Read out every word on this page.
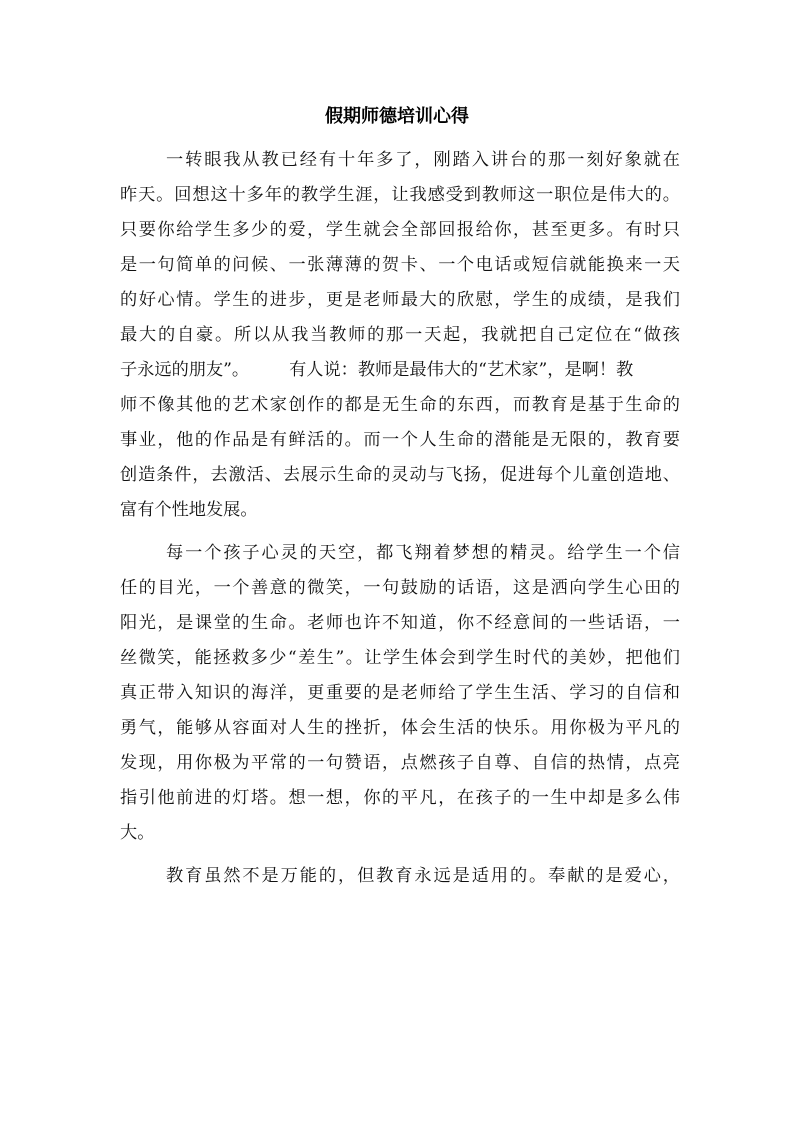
假期师德培训心得
一转眼我从教已经有十年多了，刚踏入讲台的那一刻好象就在
昨天。回想这十多年的教学生涯，让我感受到教师这一职位是伟大的。
只要你给学生多少的爱，学生就会全部回报给你，甚至更多。有时只
是一句简单的问候、一张薄薄的贺卡、一个电话或短信就能换来一天
的好心情。学生的进步，更是老师最大的欣慰，学生的成绩，是我们
最大的自豪。所以从我当教师的那一天起，我就把自己定位在“做孩
子永远的朋友”。 有人说：教师是最伟大的“艺术家”，是啊！教
师不像其他的艺术家创作的都是无生命的东西，而教育是基于生命的
事业，他的作品是有鲜活的。而一个人生命的潜能是无限的，教育要
创造条件，去激活、去展示生命的灵动与飞扬，促进每个儿童创造地、
富有个性地发展。
每一个孩子心灵的天空，都飞翔着梦想的精灵。给学生一个信
任的目光，一个善意的微笑，一句鼓励的话语，这是洒向学生心田的
阳光，是课堂的生命。老师也许不知道，你不经意间的一些话语，一
丝微笑，能拯救多少“差生”。让学生体会到学生时代的美妙，把他们
真正带入知识的海洋，更重要的是老师给了学生生活、学习的自信和
勇气，能够从容面对人生的挫折，体会生活的快乐。用你极为平凡的
发现，用你极为平常的一句赞语，点燃孩子自尊、自信的热情，点亮
指引他前进的灯塔。想一想，你的平凡，在孩子的一生中却是多么伟
大。
教育虽然不是万能的，但教育永远是适用的。奉献的是爱心，
